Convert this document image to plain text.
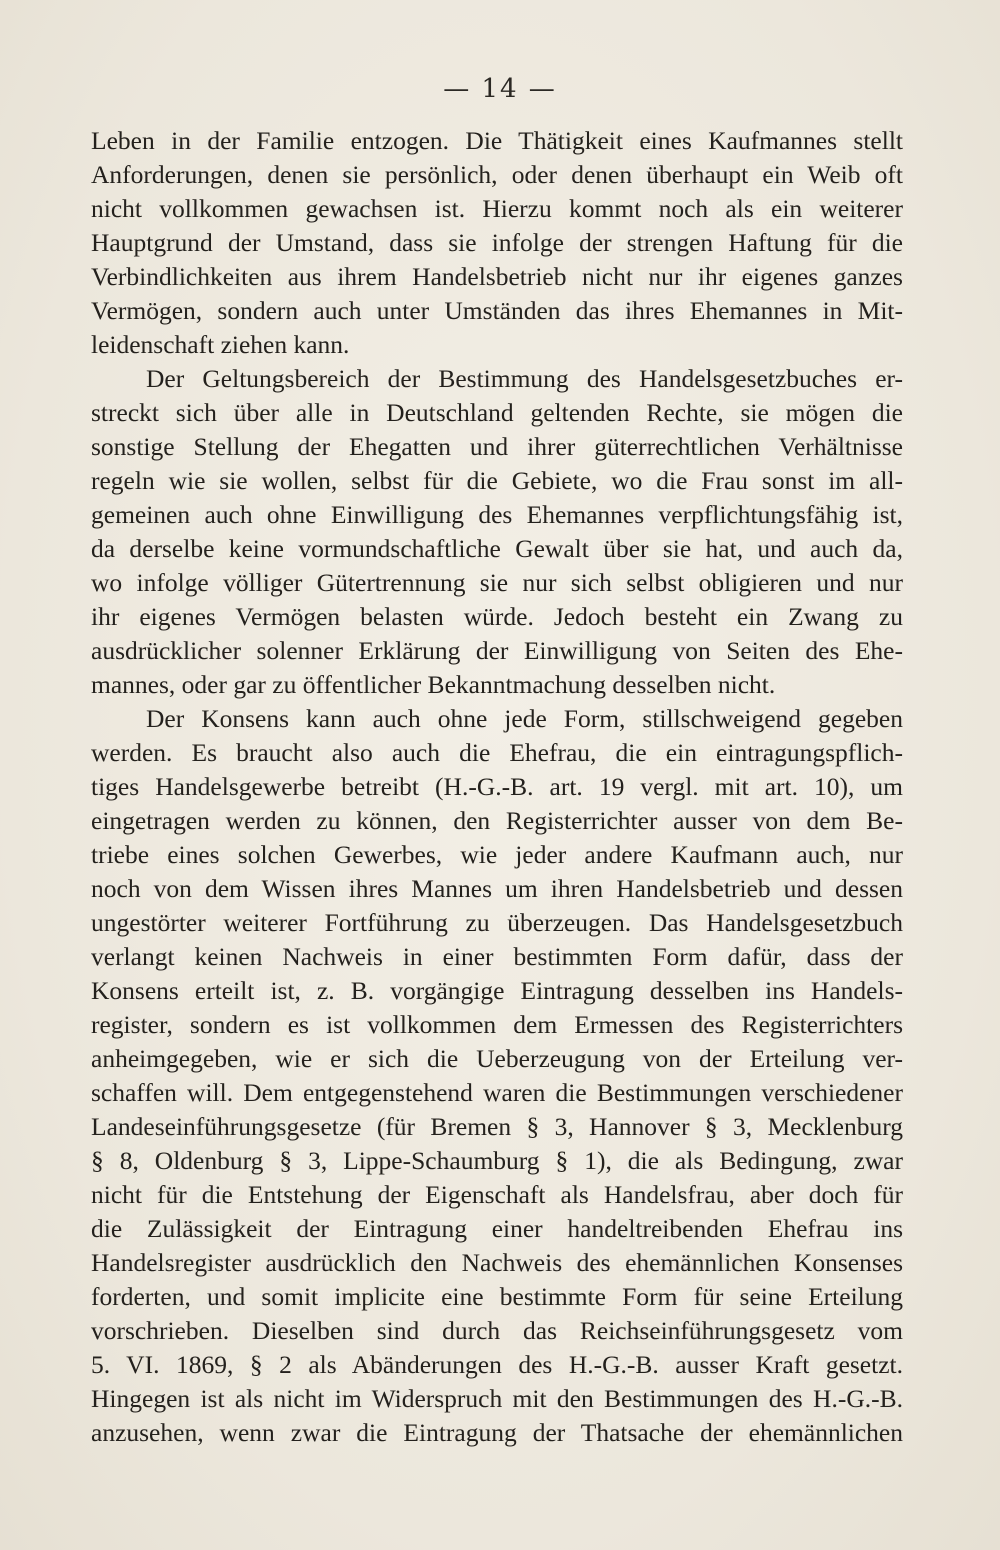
— 14 —
Leben in der Familie entzogen. Die Thätigkeit eines Kaufmannes stellt
Anforderungen, denen sie persönlich, oder denen überhaupt ein Weib oft
nicht vollkommen gewachsen ist. Hierzu kommt noch als ein weiterer
Hauptgrund der Umstand, dass sie infolge der strengen Haftung für die
Verbindlichkeiten aus ihrem Handelsbetrieb nicht nur ihr eigenes ganzes
Vermögen, sondern auch unter Umständen das ihres Ehemannes in Mit-
leidenschaft ziehen kann.
Der Geltungsbereich der Bestimmung des Handelsgesetzbuches er-
streckt sich über alle in Deutschland geltenden Rechte, sie mögen die
sonstige Stellung der Ehegatten und ihrer güterrechtlichen Verhältnisse
regeln wie sie wollen, selbst für die Gebiete, wo die Frau sonst im all-
gemeinen auch ohne Einwilligung des Ehemannes verpflichtungsfähig ist,
da derselbe keine vormundschaftliche Gewalt über sie hat, und auch da,
wo infolge völliger Gütertrennung sie nur sich selbst obligieren und nur
ihr eigenes Vermögen belasten würde. Jedoch besteht ein Zwang zu
ausdrücklicher solenner Erklärung der Einwilligung von Seiten des Ehe-
mannes, oder gar zu öffentlicher Bekanntmachung desselben nicht.
Der Konsens kann auch ohne jede Form, stillschweigend gegeben
werden. Es braucht also auch die Ehefrau, die ein eintragungspflich-
tiges Handelsgewerbe betreibt (H.-G.-B. art. 19 vergl. mit art. 10), um
eingetragen werden zu können, den Registerrichter ausser von dem Be-
triebe eines solchen Gewerbes, wie jeder andere Kaufmann auch, nur
noch von dem Wissen ihres Mannes um ihren Handelsbetrieb und dessen
ungestörter weiterer Fortführung zu überzeugen. Das Handelsgesetzbuch
verlangt keinen Nachweis in einer bestimmten Form dafür, dass der
Konsens erteilt ist, z. B. vorgängige Eintragung desselben ins Handels-
register, sondern es ist vollkommen dem Ermessen des Registerrichters
anheimgegeben, wie er sich die Ueberzeugung von der Erteilung ver-
schaffen will. Dem entgegenstehend waren die Bestimmungen verschiedener
Landeseinführungsgesetze (für Bremen § 3, Hannover § 3, Mecklenburg
§ 8, Oldenburg § 3, Lippe-Schaumburg § 1), die als Bedingung, zwar
nicht für die Entstehung der Eigenschaft als Handelsfrau, aber doch für
die Zulässigkeit der Eintragung einer handeltreibenden Ehefrau ins
Handelsregister ausdrücklich den Nachweis des ehemännlichen Konsenses
forderten, und somit implicite eine bestimmte Form für seine Erteilung
vorschrieben. Dieselben sind durch das Reichseinführungsgesetz vom
5. VI. 1869, § 2 als Abänderungen des H.-G.-B. ausser Kraft gesetzt.
Hingegen ist als nicht im Widerspruch mit den Bestimmungen des H.-G.-B.
anzusehen, wenn zwar die Eintragung der Thatsache der ehemännlichen
